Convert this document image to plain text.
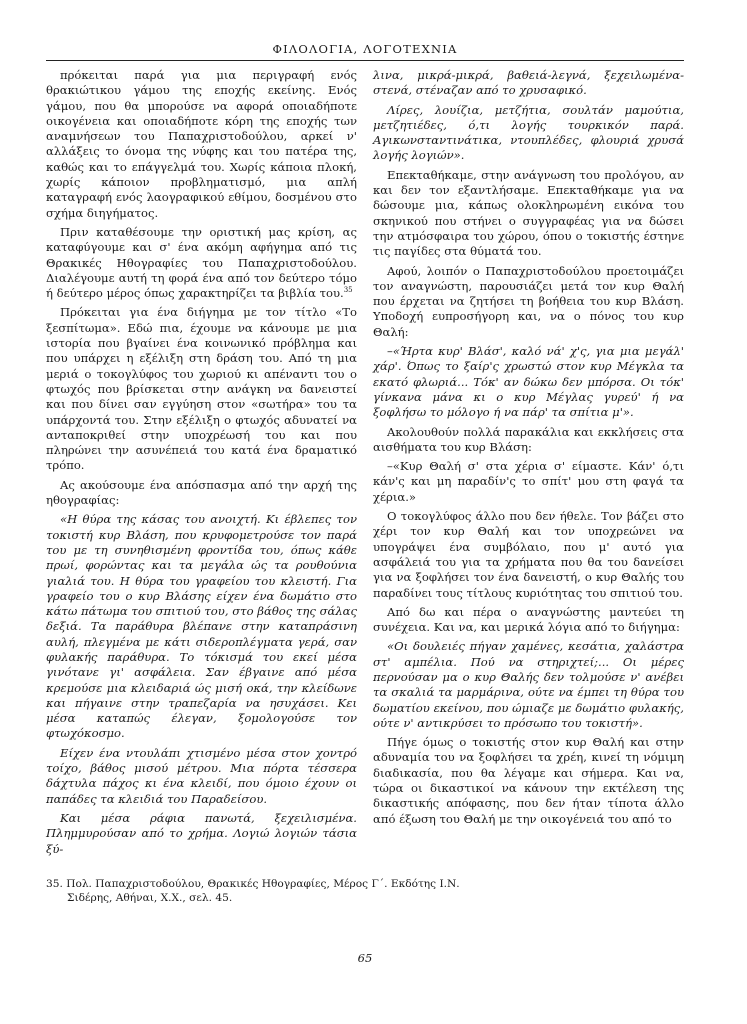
ΦΙΛΟΛΟΓΙΑ, ΛΟΓΟΤΕΧΝΙΑ

πρόκειται παρά για μια περιγραφή ενός θρακιώτικου γάμου της εποχής εκείνης. Ενός γάμου, που θα μπορούσε να αφορά οποιαδήποτε οικογένεια και οποιαδήποτε κόρη της εποχής των αναμνήσεων του Παπαχριστοδούλου, αρκεί ν' αλλάξεις το όνομα της νύφης και του πατέρα της, καθώς και το επάγγελμά του. Χωρίς κάποια πλοκή, χωρίς κάποιον προβληματισμό, μια απλή καταγραφή ενός λαογραφικού εθίμου, δοσμένου στο σχήμα διηγήματος.

Πριν καταθέσουμε την οριστική μας κρίση, ας καταφύγουμε και σ' ένα ακόμη αφήγημα από τις Θρακικές Ηθογραφίες του Παπαχριστοδούλου. Διαλέγουμε αυτή τη φορά ένα από τον δεύτερο τόμο ή δεύτερο μέρος όπως χαρακτηρίζει τα βιβλία του.$^{35}$

Πρόκειται για ένα διήγημα με τον τίτλο «Το ξεσπίτωμα». Εδώ πια, έχουμε να κάνουμε με μια ιστορία που βγαίνει ένα κοινωνικό πρόβλημα και που υπάρχει η εξέλιξη στη δράση του. Από τη μια μεριά ο τοκογλύφος του χωριού κι απέναντι του ο φτωχός που βρίσκεται στην ανάγκη να δανειστεί και που δίνει σαν εγγύηση στον «σωτήρα» του τα υπάρχοντά του. Στην εξέλιξη ο φτωχός αδυνατεί να ανταποκριθεί στην υποχρέωσή του και που πληρώνει την ασυνέπειά του κατά ένα δραματικό τρόπο.

Ας ακούσουμε ένα απόσπασμα από την αρχή της ηθογραφίας:

«Η θύρα της κάσας του ανοιχτή. Κι έβλεπες τον τοκιστή κυρ Βλάση, που κρυφομετρούσε τον παρά του με τη συνηθισμένη φροντίδα του, όπως κάθε πρωί, φορώντας και τα μεγάλα ώς τα ρουθούνια γιαλιά του. Η θύρα του γραφείου του κλειστή. Για γραφείο του ο κυρ Βλάσης είχεν ένα δωμάτιο στο κάτω πάτωμα του σπιτιού του, στο βάθος της σάλας δεξιά. Τα παράθυρα βλέπανε στην καταπράσινη αυλή, πλεγμένα με κάτι σιδεροπλέγματα γερά, σαν φυλακής παράθυρα. Το τόκισμά του εκεί μέσα γινότανε γι' ασφάλεια. Σαν έβγαινε από μέσα κρεμούσε μια κλειδαριά ώς μισή οκά, την κλείδωνε και πήγαινε στην τραπεζαρία να ησυχάσει. Κει μέσα καταπώς έλεγαν, ξομολογούσε τον φτωχόκοσμο.

Είχεν ένα ντουλάπι χτισμένο μέσα στον χοντρό τοίχο, βάθος μισού μέτρου. Μια πόρτα τέσσερα δάχτυλα πάχος κι ένα κλειδί, που όμοιο έχουν οι παπάδες τα κλειδιά του Παραδείσου.

Και μέσα ράφια πανωτά, ξεχειλισμένα. Πλημμυρούσαν από το χρήμα. Λογιώ λογιών τάσια ξύ-

λινα, μικρά-μικρά, βαθειά-λεγνά, ξεχειλωμένα-στενά, στέναζαν από το χρυσαφικό.

Λίρες, λουίζια, μετζήτια, σουλτάν μαμούτια, μετζητιέδες, ό,τι λογής τουρκικόν παρά. Αγικωνσταντινάτικα, ντουπλέδες, φλουριά χρυσά λογής λογιών».

Επεκταθήκαμε, στην ανάγνωση του προλόγου, αν και δεν τον εξαντλήσαμε. Επεκταθήκαμε για να δώσουμε μια, κάπως ολοκληρωμένη εικόνα του σκηνικού που στήνει ο συγγραφέας για να δώσει την ατμόσφαιρα του χώρου, όπου ο τοκιστής έστηνε τις παγίδες στα θύματά του.

Αφού, λοιπόν ο Παπαχριστοδούλου προετοιμάζει τον αναγνώστη, παρουσιάζει μετά τον κυρ Θαλή που έρχεται να ζητήσει τη βοήθεια του κυρ Βλάση. Υποδοχή ευπροσήγορη και, να ο πόνος του κυρ Θαλή:

–«Ήρτα κυρ' Βλάσ', καλό νά' χ'ς, για μια μεγάλ' χάρ'. Όπως το ξαίρ'ς χρωστώ στον κυρ Μέγκλα τα εκατό φλωριά... Τόκ' αν δώκω δεν μπόρσα. Οι τόκ' γίνκανα μάνα κι ο κυρ Μέγλας γυρεύ' ή να ξοφλήσω το μόλογο ή να πάρ' τα σπίτια μ'».

Ακολουθούν πολλά παρακάλια και εκκλήσεις στα αισθήματα του κυρ Βλάση:

–«Κυρ Θαλή σ' στα χέρια σ' είμαστε. Κάν' ό,τι κάν'ς και μη παραδίν'ς το σπίτ' μου στη φαγά τα χέρια.»

Ο τοκογλύφος άλλο που δεν ήθελε. Τον βάζει στο χέρι τον κυρ Θαλή και τον υποχρεώνει να υπογράψει ένα συμβόλαιο, που μ' αυτό για ασφάλειά του για τα χρήματα που θα του δανείσει για να ξοφλήσει τον ένα δανειστή, ο κυρ Θαλής του παραδίνει τους τίτλους κυριότητας του σπιτιού του.

Από δω και πέρα ο αναγνώστης μαντεύει τη συνέχεια. Και να, και μερικά λόγια από το διήγημα:

«Οι δουλειές πήγαν χαμένες, κεσάτια, χαλάστρα στ' αμπέλια. Πού να στηριχτεί;... Οι μέρες περνούσαν μα ο κυρ Θαλής δεν τολμούσε ν' ανέβει τα σκαλιά τα μαρμάρινα, ούτε να έμπει τη θύρα του δωματίου εκείνου, που ώμιαζε με δωμάτιο φυλακής, ούτε ν' αντικρύσει το πρόσωπο του τοκιστή».

Πήγε όμως ο τοκιστής στον κυρ Θαλή και στην αδυναμία του να ξοφλήσει τα χρέη, κινεί τη νόμιμη διαδικασία, που θα λέγαμε και σήμερα. Και να, τώρα οι δικαστικοί να κάνουν την εκτέλεση της δικαστικής απόφασης, που δεν ήταν τίποτα άλλο από έξωση του Θαλή με την οικογένειά του από το

35. Πολ. Παπαχριστοδούλου, Θρακικές Ηθογραφίες, Μέρος Γ΄. Εκδότης Ι.Ν.
Σιδέρης, Αθήναι, Χ.Χ., σελ. 45.
65
